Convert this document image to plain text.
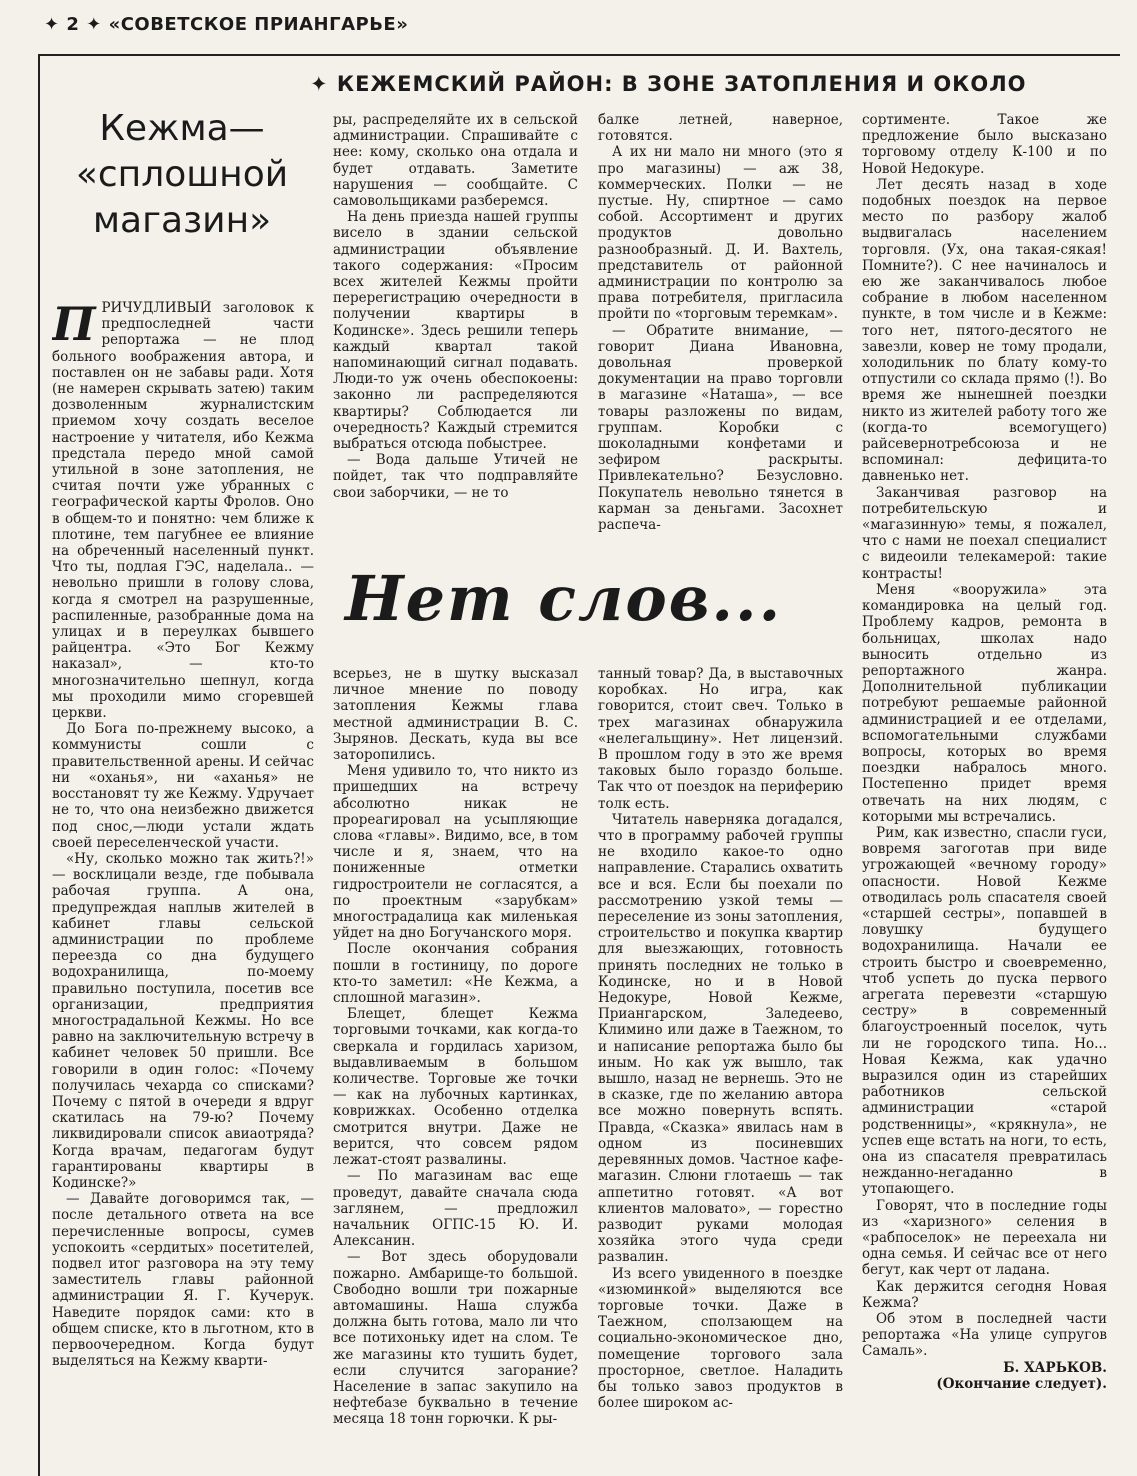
✦ 2 ✦ «СОВЕТСКОЕ ПРИАНГАРЬЕ»
✦ КЕЖЕМСКИЙ РАЙОН: В ЗОНЕ ЗАТОПЛЕНИЯ И ОКОЛО
Кежма—
«сплошной
магазин»

ПРИЧУДЛИВЫЙ заголовок к предпоследней части репортажа — не плод больного воображения автора, и поставлен он не забавы ради. Хотя (не намерен скрывать затею) таким дозволенным журналистским приемом хочу создать веселое настроение у читателя, ибо Кежма предстала передо мной самой утильной в зоне затопления, не считая почти уже убранных с географической карты Фролов. Оно в общем-то и понятно: чем ближе к плотине, тем пагубнее ее влияние на обреченный населенный пункт. Что ты, подлая ГЭС, наделала.. — невольно пришли в голову слова, когда я смотрел на разрушенные, распиленные, разобранные дома на улицах и в переулках бывшего райцентра. «Это Бог Кежму наказал», — кто-то многозначительно шепнул, когда мы проходили мимо сгоревшей церкви.

До Бога по-прежнему высоко, а коммунисты сошли с правительственной арены. И сейчас ни «оханья», ни «аханья» не восстановят ту же Кежму. Удручает не то, что она неизбежно движется под снос,—люди устали ждать своей переселенческой участи.

«Ну, сколько можно так жить?!» — восклицали везде, где побывала рабочая группа. А она, предупреждая наплыв жителей в кабинет главы сельской администрации по проблеме переезда со дна будущего водохранилища, по-моему правильно поступила, посетив все организации, предприятия многострадальной Кежмы. Но все равно на заключительную встречу в кабинет человек 50 пришли. Все говорили в один голос: «Почему получилась чехарда со списками? Почему с пятой в очереди я вдруг скатилась на 79-ю? Почему ликвидировали список авиаотряда? Когда врачам, педагогам будут гарантированы квартиры в Кодинске?»

— Давайте договоримся так, — после детального ответа на все перечисленные вопросы, сумев успокоить «сердитых» посетителей, подвел итог разговора на эту тему заместитель главы районной администрации Я. Г. Кучерук. Наведите порядок сами: кто в общем списке, кто в льготном, кто в первоочередном. Когда будут выделяться на Кежму кварти-

ры, распределяйте их в сельской администрации. Спрашивайте с нее: кому, сколько она отдала и будет отдавать. Заметите нарушения — сообщайте. С самовольщиками разберемся.

На день приезда нашей группы висело в здании сельской администрации объявление такого содержания: «Просим всех жителей Кежмы пройти перерегистрацию очередности в получении квартиры в Кодинске». Здесь решили теперь каждый квартал такой напоминающий сигнал подавать. Люди-то уж очень обеспокоены: законно ли распределяются квартиры? Соблюдается ли очередность? Каждый стремится выбраться отсюда побыстрее.

— Вода дальше Утичей не пойдет, так что подправляйте свои заборчики, — не то

балке летней, наверное, готовятся.

А их ни мало ни много (это я про магазины) — аж 38, коммерческих. Полки — не пустые. Ну, спиртное — само собой. Ассортимент и других продуктов довольно разнообразный. Д. И. Вахтель, представитель от районной администрации по контролю за права потребителя, пригласила пройти по «торговым теремкам».

— Обратите внимание, — говорит Диана Ивановна, довольная проверкой документации на право торговли в магазине «Наташа», — все товары разложены по видам, группам. Коробки с шоколадными конфетами и зефиром раскрыты. Привлекательно? Безусловно. Покупатель невольно тянется в карман за деньгами. Засохнет распеча-

Нет слов...

всерьез, не в шутку высказал личное мнение по поводу затопления Кежмы глава местной администрации В. С. Зырянов. Дескать, куда вы все заторопились.

Меня удивило то, что никто из пришедших на встречу абсолютно никак не прореагировал на усыпляющие слова «главы». Видимо, все, в том числе и я, знаем, что на пониженные отметки гидростроители не согласятся, а по проектным «зарубкам» многострадалица как миленькая уйдет на дно Богучанского моря.

После окончания собрания пошли в гостиницу, по дороге кто-то заметил: «Не Кежма, а сплошной магазин».

Блещет, блещет Кежма торговыми точками, как когда-то сверкала и гордилась харизом, выдавливаемым в большом количестве. Торговые же точки — как на лубочных картинках, коврижках. Особенно отделка смотрится внутри. Даже не верится, что совсем рядом лежат-стоят развалины.

— По магазинам вас еще проведут, давайте сначала сюда заглянем, — предложил начальник ОГПС-15 Ю. И. Алексанин.

— Вот здесь оборудовали пожарно. Амбарище-то большой. Свободно вошли три пожарные автомашины. Наша служба должна быть готова, мало ли что все потихоньку идет на слом. Те же магазины кто тушить будет, если случится загорание? Население в запас закупило на нефтебазе буквально в течение месяца 18 тонн горючки. К ры-

танный товар? Да, в выставочных коробках. Но игра, как говорится, стоит свеч. Только в трех магазинах обнаружила «нелегальщину». Нет лицензий. В прошлом году в это же время таковых было гораздо больше. Так что от поездок на периферию толк есть.

Читатель наверняка догадался, что в программу рабочей группы не входило какое-то одно направление. Старались охватить все и вся. Если бы поехали по рассмотрению узкой темы — переселение из зоны затопления, строительство и покупка квартир для выезжающих, готовность принять последних не только в Кодинске, но и в Новой Недокуре, Новой Кежме, Приангарском, Заледеево, Климино или даже в Таежном, то и написание репортажа было бы иным. Но как уж вышло, так вышло, назад не вернешь. Это не в сказке, где по желанию автора все можно повернуть вспять. Правда, «Сказка» явилась нам в одном из посиневших деревянных домов. Частное кафе-магазин. Слюни глотаешь — так аппетитно готовят. «А вот клиентов маловато», — горестно разводит руками молодая хозяйка этого чуда среди развалин.

Из всего увиденного в поездке «изюминкой» выделяются все торговые точки. Даже в Таежном, сползающем на социально-экономическое дно, помещение торгового зала просторное, светлое. Наладить бы только завоз продуктов в более широком ас-

сортименте. Такое же предложение было высказано торговому отделу К-100 и по Новой Недокуре.

Лет десять назад в ходе подобных поездок на первое место по разбору жалоб выдвигалась населением торговля. (Ух, она такая-сякая! Помните?). С нее начиналось и ею же заканчивалось любое собрание в любом населенном пункте, в том числе и в Кежме: того нет, пятого-десятого не завезли, ковер не тому продали, холодильник по блату кому-то отпустили со склада прямо (!). Во время же нынешней поездки никто из жителей работу того же (когда-то всемогущего) райсевернотребсоюза и не вспоминал: дефицита-то давненько нет.

Заканчивая разговор на потребительскую и «магазинную» темы, я пожалел, что с нами не поехал специалист с видеоили телекамерой: такие контрасты!

Меня «вооружила» эта командировка на целый год. Проблему кадров, ремонта в больницах, школах надо выносить отдельно из репортажного жанра. Дополнительной публикации потребуют решаемые районной администрацией и ее отделами, вспомогательными службами вопросы, которых во время поездки набралось много. Постепенно придет время отвечать на них людям, с которыми мы встречались.

Рим, как известно, спасли гуси, вовремя загоготав при виде угрожающей «вечному городу» опасности. Новой Кежме отводилась роль спасателя своей «старшей сестры», попавшей в ловушку будущего водохранилища. Начали ее строить быстро и своевременно, чтоб успеть до пуска первого агрегата перевезти «старшую сестру» в современный благоустроенный поселок, чуть ли не городского типа. Но... Новая Кежма, как удачно выразился один из старейших работников сельской администрации «старой родственницы», «крякнула», не успев еще встать на ноги, то есть, она из спасателя превратилась нежданно-негаданно в утопающего.

Говорят, что в последние годы из «харизного» селения в «рабпоселок» не переехала ни одна семья. И сейчас все от него бегут, как черт от ладана.

Как держится сегодня Новая Кежма?

Об этом в последней части репортажа «На улице супругов Самаль».

Б. ХАРЬКОВ.

(Окончание следует).
